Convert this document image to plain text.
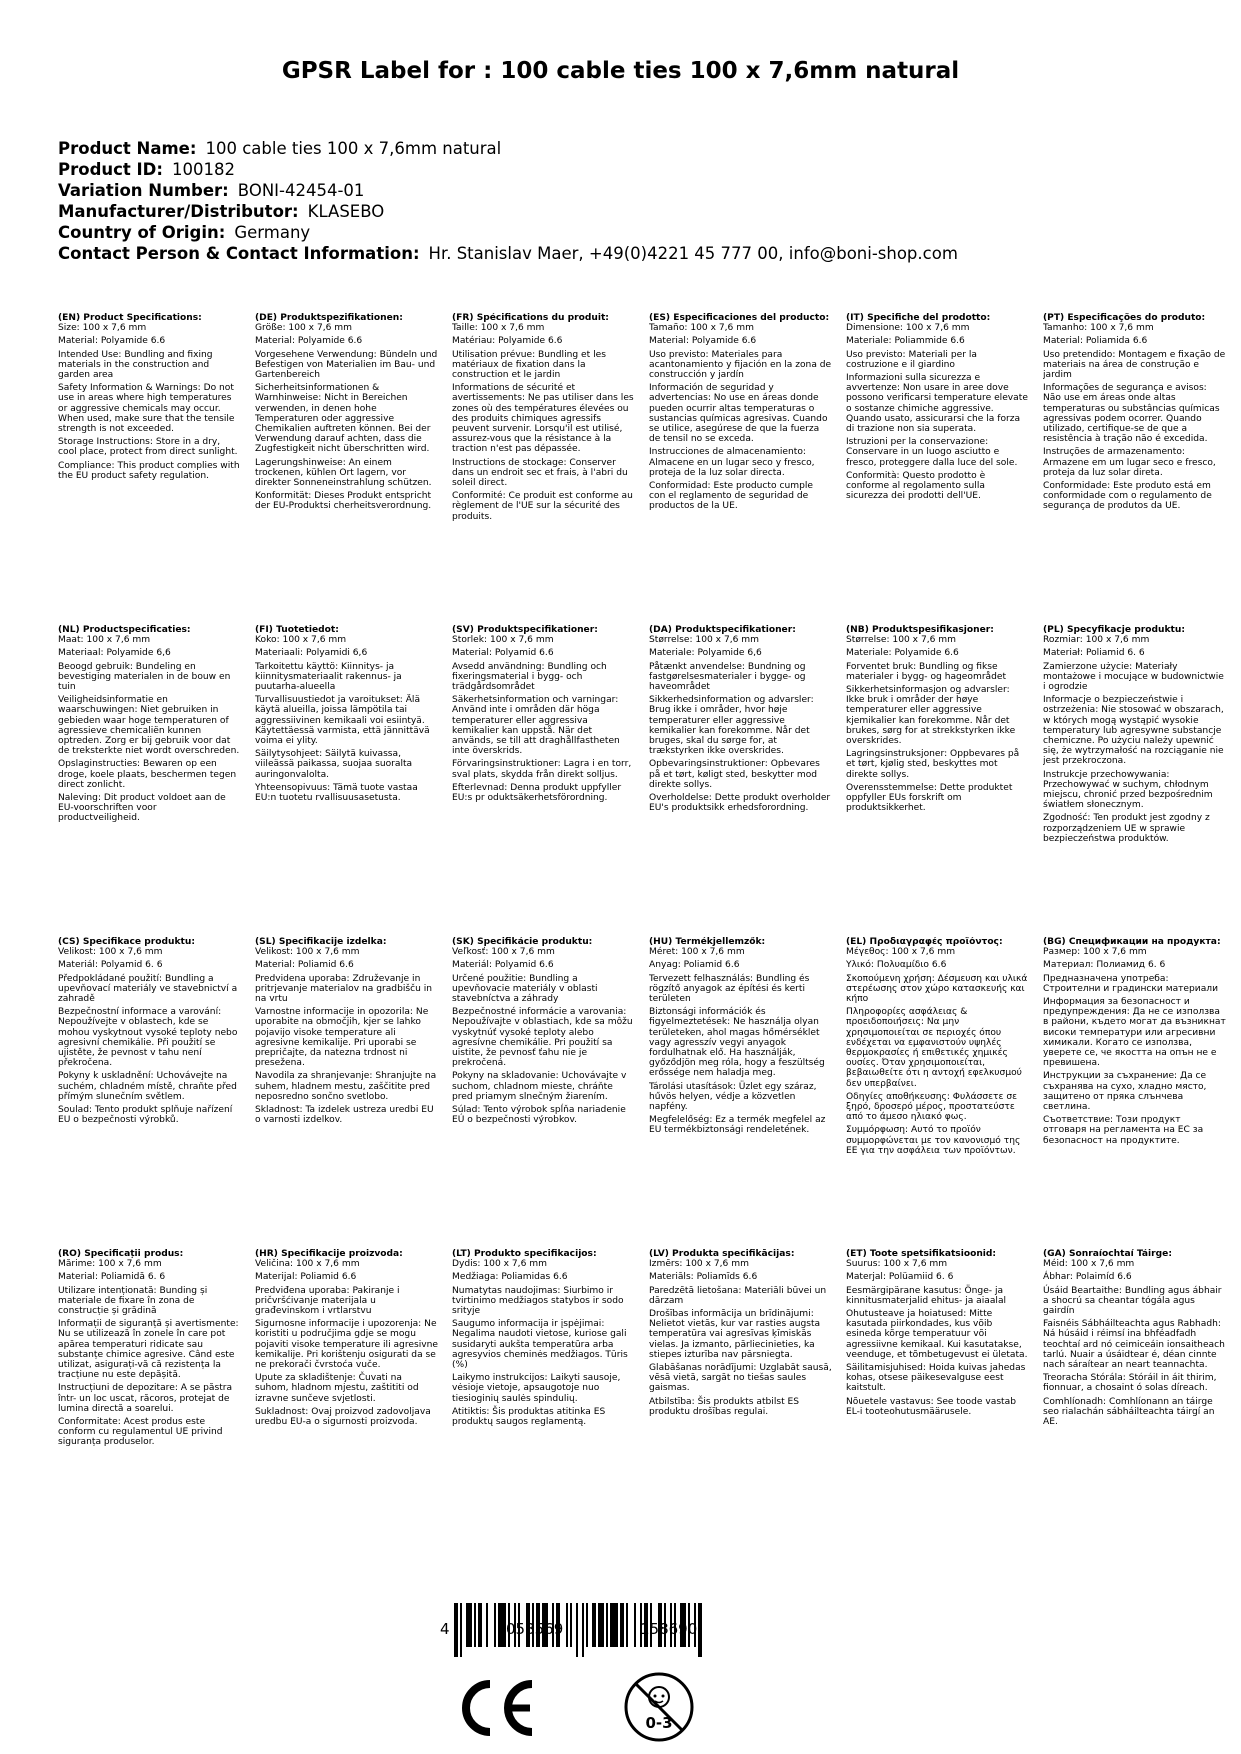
GPSR Label for : 100 cable ties 100 x 7,6mm natural
Product Name: 100 cable ties 100 x 7,6mm natural
Product ID: 100182
Variation Number: BONI-42454-01
Manufacturer/Distributor: KLASEBO
Country of Origin: Germany
Contact Person & Contact Information: Hr. Stanislav Maer, +49(0)4221 45 777 00, info@boni-shop.com
(EN) Product Specifications:
Size: 100 x 7,6 mm
Material: Polyamide 6.6
Intended Use: Bundling and fixing materials in the construction and garden area
Safety Information & Warnings: Do not use in areas where high temperatures or aggressive chemicals may occur. When used, make sure that the tensile strength is not exceeded.
Storage Instructions: Store in a dry, cool place, protect from direct sunlight.
Compliance: This product complies with the EU product safety regulation.
(DE) Produktspezifikationen:
Größe: 100 x 7,6 mm
Material: Polyamide 6.6
Vorgesehene Verwendung: Bündeln und Befestigen von Materialien im Bau- und Gartenbereich
Sicherheitsinformationen & Warnhinweise: Nicht in Bereichen verwenden, in denen hohe Temperaturen oder aggressive Chemikalien auftreten können. Bei der Verwendung darauf achten, dass die Zugfestigkeit nicht überschritten wird.
Lagerungshinweise: An einem trockenen, kühlen Ort lagern, vor direkter Sonneneinstrahlung schützen.
Konformität: Dieses Produkt entspricht der EU-Produktsi cherheitsverordnung.
(FR) Spécifications du produit:
Taille: 100 x 7,6 mm
Matériau: Polyamide 6.6
Utilisation prévue: Bundling et les matériaux de fixation dans la construction et le jardin
Informations de sécurité et avertissements: Ne pas utiliser dans les zones où des températures élevées ou des produits chimiques agressifs peuvent survenir. Lorsqu'il est utilisé, assurez-vous que la résistance à la traction n'est pas dépassée.
Instructions de stockage: Conserver dans un endroit sec et frais, à l'abri du soleil direct.
Conformité: Ce produit est conforme au règlement de l'UE sur la sécurité des produits.
(ES) Especificaciones del producto:
Tamaño: 100 x 7,6 mm
Material: Polyamide 6.6
Uso previsto: Materiales para acantonamiento y fijación en la zona de construcción y jardín
Información de seguridad y advertencias: No use en áreas donde pueden ocurrir altas temperaturas o sustancias químicas agresivas. Cuando se utilice, asegúrese de que la fuerza de tensil no se exceda.
Instrucciones de almacenamiento: Almacene en un lugar seco y fresco, proteja de la luz solar directa.
Conformidad: Este producto cumple con el reglamento de seguridad de productos de la UE.
(IT) Specifiche del prodotto:
Dimensione: 100 x 7,6 mm
Materiale: Poliammide 6.6
Uso previsto: Materiali per la costruzione e il giardino
Informazioni sulla sicurezza e avvertenze: Non usare in aree dove possono verificarsi temperature elevate o sostanze chimiche aggressive. Quando usato, assicurarsi che la forza di trazione non sia superata.
Istruzioni per la conservazione: Conservare in un luogo asciutto e fresco, proteggere dalla luce del sole.
Conformità: Questo prodotto è conforme al regolamento sulla sicurezza dei prodotti dell'UE.
(PT) Especificações do produto:
Tamanho: 100 x 7,6 mm
Material: Poliamida 6.6
Uso pretendido: Montagem e fixação de materiais na área de construção e jardim
Informações de segurança e avisos: Não use em áreas onde altas temperaturas ou substâncias químicas agressivas podem ocorrer. Quando utilizado, certifique-se de que a resistência à tração não é excedida.
Instruções de armazenamento: Armazene em um lugar seco e fresco, proteja da luz solar direta.
Conformidade: Este produto está em conformidade com o regulamento de segurança de produtos da UE.
(NL) Productspecificaties:
Maat: 100 x 7,6 mm
Materiaal: Polyamide 6,6
Beoogd gebruik: Bundeling en bevestiging materialen in de bouw en tuin
Veiligheidsinformatie en waarschuwingen: Niet gebruiken in gebieden waar hoge temperaturen of agressieve chemicaliën kunnen optreden. Zorg er bij gebruik voor dat de treksterkte niet wordt overschreden.
Opslaginstructies: Bewaren op een droge, koele plaats, beschermen tegen direct zonlicht.
Naleving: Dit product voldoet aan de EU-voorschriften voor productveiligheid.
(FI) Tuotetiedot:
Koko: 100 x 7,6 mm
Materiaali: Polyamidi 6,6
Tarkoitettu käyttö: Kiinnitys- ja kiinnitysmateriaalit rakennus- ja puutarha-alueella
Turvallisuustiedot ja varoitukset: Älä käytä alueilla, joissa lämpötila tai aggressiivinen kemikaali voi esiintyä. Käytettäessä varmista, että jännittävä voima ei ylity.
Säilytysohjeet: Säilytä kuivassa, viileässä paikassa, suojaa suoralta auringonvalolta.
Yhteensopivuus: Tämä tuote vastaa EU:n tuotetu rvallisuusasetusta.
(SV) Produktspecifikationer:
Storlek: 100 x 7,6 mm
Material: Polyamid 6.6
Avsedd användning: Bundling och fixeringsmaterial i bygg- och trädgårdsområdet
Säkerhetsinformation och varningar: Använd inte i områden där höga temperaturer eller aggressiva kemikalier kan uppstå. När det används, se till att draghållfastheten inte överskrids.
Förvaringsinstruktioner: Lagra i en torr, sval plats, skydda från direkt solljus.
Efterlevnad: Denna produkt uppfyller EU:s pr oduktsäkerhetsförordning.
(DA) Produktspecifikationer:
Størrelse: 100 x 7,6 mm
Materiale: Polyamide 6,6
Påtænkt anvendelse: Bundning og fastgørelsesmaterialer i bygge- og haveområdet
Sikkerhedsinformation og advarsler: Brug ikke i områder, hvor høje temperaturer eller aggressive kemikalier kan forekomme. Når det bruges, skal du sørge for, at trækstyrken ikke overskrides.
Opbevaringsinstruktioner: Opbevares på et tørt, køligt sted, beskytter mod direkte sollys.
Overholdelse: Dette produkt overholder EU's produktsikk erhedsforordning.
(NB) Produktspesifikasjoner:
Størrelse: 100 x 7,6 mm
Materiale: Polyamide 6.6
Forventet bruk: Bundling og fikse materialer i bygg- og hageområdet
Sikkerhetsinformasjon og advarsler: Ikke bruk i områder der høye temperaturer eller aggressive kjemikalier kan forekomme. Når det brukes, sørg for at strekkstyrken ikke overskrides.
Lagringsinstruksjoner: Oppbevares på et tørt, kjølig sted, beskyttes mot direkte sollys.
Overensstemmelse: Dette produktet oppfyller EUs forskrift om produktsikkerhet.
(PL) Specyfikacje produktu:
Rozmiar: 100 x 7,6 mm
Materiał: Poliamid 6. 6
Zamierzone użycie: Materiały montażowe i mocujące w budownictwie i ogrodzie
Informacje o bezpieczeństwie i ostrzeżenia: Nie stosować w obszarach, w których mogą wystąpić wysokie temperatury lub agresywne substancje chemiczne. Po użyciu należy upewnić się, że wytrzymałość na rozciąganie nie jest przekroczona.
Instrukcje przechowywania: Przechowywać w suchym, chłodnym miejscu, chronić przed bezpośrednim światłem słonecznym.
Zgodność: Ten produkt jest zgodny z rozporządzeniem UE w sprawie bezpieczeństwa produktów.
(CS) Specifikace produktu:
Velikost: 100 x 7,6 mm
Materiál: Polyamid 6. 6
Předpokládané použití: Bundling a upevňovací materiály ve stavebnictví a zahradě
Bezpečnostní informace a varování: Nepoužívejte v oblastech, kde se mohou vyskytnout vysoké teploty nebo agresivní chemikálie. Při použití se ujistěte, že pevnost v tahu není překročena.
Pokyny k uskladnění: Uchovávejte na suchém, chladném místě, chraňte před přímým slunečním světlem.
Soulad: Tento produkt splňuje nařízení EU o bezpečnosti výrobků.
(SL) Specifikacije izdelka:
Velikost: 100 x 7,6 mm
Material: Poliamid 6.6
Predvidena uporaba: Združevanje in pritrjevanje materialov na gradbišču in na vrtu
Varnostne informacije in opozorila: Ne uporabite na območjih, kjer se lahko pojavijo visoke temperature ali agresivne kemikalije. Pri uporabi se prepričajte, da natezna trdnost ni presežena.
Navodila za shranjevanje: Shranjujte na suhem, hladnem mestu, zaščitite pred neposredno sončno svetlobo.
Skladnost: Ta izdelek ustreza uredbi EU o varnosti izdelkov.
(SK) Špecifikácie produktu:
Veľkosť: 100 x 7,6 mm
Materiál: Polyamid 6.6
Určené použitie: Bundling a upevňovacie materiály v oblasti stavebníctva a záhrady
Bezpečnostné informácie a varovania: Nepoužívajte v oblastiach, kde sa môžu vyskytnúť vysoké teploty alebo agresívne chemikálie. Pri použití sa uistite, že pevnosť ťahu nie je prekročená.
Pokyny na skladovanie: Uchovávajte v suchom, chladnom mieste, chráňte pred priamym slnečným žiarením.
Súlad: Tento výrobok spĺňa nariadenie EÚ o bezpečnosti výrobkov.
(HU) Termékjellemzők:
Méret: 100 x 7,6 mm
Anyag: Poliamid 6.6
Tervezett felhasználás: Bundling és rögzítő anyagok az építési és kerti területen
Biztonsági információk és figyelmeztetések: Ne használja olyan területeken, ahol magas hőmérséklet vagy agresszív vegyi anyagok fordulhatnak elő. Ha használják, győződjön meg róla, hogy a feszültség erőssége nem haladja meg.
Tárolási utasítások: Üzlet egy száraz, hűvös helyen, védje a közvetlen napfény.
Megfelelőség: Ez a termék megfelel az EU termékbiztonsági rendeletének.
(EL) Προδιαγραφές προϊόντος:
Μέγεθος: 100 x 7,6 mm
Υλικό: Πολυαμίδιο 6.6
Σκοπούμενη χρήση: Δέσμευση και υλικά στερέωσης στον χώρο κατασκευής και κήπο
Πληροφορίες ασφάλειας & προειδοποιήσεις: Να μην χρησιμοποιείται σε περιοχές όπου ενδέχεται να εμφανιστούν υψηλές θερμοκρασίες ή επιθετικές χημικές ουσίες. Όταν χρησιμοποιείται, βεβαιωθείτε ότι η αντοχή εφελκυσμού δεν υπερβαίνει.
Οδηγίες αποθήκευσης: Φυλάσσετε σε ξηρό, δροσερό μέρος, προστατεύστε από το άμεσο ηλιακό φως.
Συμμόρφωση: Αυτό το προϊόν συμμορφώνεται με τον κανονισμό της ΕΕ για την ασφάλεια των προϊόντων.
(BG) Спецификации на продукта:
Размер: 100 x 7,6 mm
Материал: Полиамид 6. 6
Предназначена употреба: Строителни и градински материали
Информация за безопасност и предупреждения: Да не се използва в райони, където могат да възникнат високи температури или агресивни химикали. Когато се използва, уверете се, че якостта на опън не е превишена.
Инструкции за съхранение: Да се съхранява на сухо, хладно място, защитено от пряка слънчева светлина.
Съответствие: Този продукт отговаря на регламента на ЕС за безопасност на продуктите.
(RO) Specificații produs:
Mărime: 100 x 7,6 mm
Material: Poliamidă 6. 6
Utilizare intenționată: Bunding și materiale de fixare în zona de construcție și grădină
Informații de siguranță și avertismente: Nu se utilizează în zonele în care pot apărea temperaturi ridicate sau substanțe chimice agresive. Când este utilizat, asigurați-vă că rezistența la tracțiune nu este depășită.
Instrucțiuni de depozitare: A se păstra într- un loc uscat, răcoros, protejat de lumina directă a soarelui.
Conformitate: Acest produs este conform cu regulamentul UE privind siguranța produselor.
(HR) Specifikacije proizvoda:
Veličina: 100 x 7,6 mm
Materijal: Poliamid 6.6
Predviđena uporaba: Pakiranje i pričvršćivanje materijala u građevinskom i vrtlarstvu
Sigurnosne informacije i upozorenja: Ne koristiti u područjima gdje se mogu pojaviti visoke temperature ili agresivne kemikalije. Pri korištenju osigurati da se ne prekorači čvrstoća vuče.
Upute za skladištenje: Čuvati na suhom, hladnom mjestu, zaštititi od izravne sunčeve svjetlosti.
Sukladnost: Ovaj proizvod zadovoljava uredbu EU-a o sigurnosti proizvoda.
(LT) Produkto specifikacijos:
Dydis: 100 x 7,6 mm
Medžiaga: Poliamidas 6.6
Numatytas naudojimas: Siurbimo ir tvirtinimo medžiagos statybos ir sodo srityje
Saugumo informacija ir įspėjimai: Negalima naudoti vietose, kuriose gali susidaryti aukšta temperatūra arba agresyvios cheminės medžiagos. Tūris (%)
Laikymo instrukcijos: Laikyti sausoje, vėsioje vietoje, apsaugotoje nuo tiesioginių saulės spindulių.
Atitiktis: Šis produktas atitinka ES produktų saugos reglamentą.
(LV) Produkta specifikācijas:
Izmērs: 100 x 7,6 mm
Materiāls: Poliamīds 6.6
Paredzētā lietošana: Materiāli būvei un dārzam
Drošības informācija un brīdinājumi: Nelietot vietās, kur var rasties augsta temperatūra vai agresīvas ķīmiskās vielas. Ja izmanto, pārliecinieties, ka stiepes izturība nav pārsniegta.
Glabāšanas norādījumi: Uzglabāt sausā, vēsā vietā, sargāt no tiešas saules gaismas.
Atbilstība: Šis produkts atbilst ES produktu drošības regulai.
(ET) Toote spetsifikatsioonid:
Suurus: 100 x 7,6 mm
Materjal: Polüamiid 6. 6
Eesmärgipärane kasutus: Önge- ja kinnitusmaterjalid ehitus- ja aiaalal
Ohutusteave ja hoiatused: Mitte kasutada piirkondades, kus võib esineda kõrge temperatuur või agressiivne kemikaal. Kui kasutatakse, veenduge, et tõmbetugevust ei ületata.
Säilitamisjuhised: Hoida kuivas jahedas kohas, otsese päikesevalguse eest kaitstult.
Nõuetele vastavus: See toode vastab EL-i tooteohutusmäärusele.
(GA) Sonraíochtaí Táirge:
Méid: 100 x 7,6 mm
Ábhar: Polaimíd 6.6
Úsáid Beartaithe: Bundling agus ábhair a shocrú sa cheantar tógála agus gairdín
Faisnéis Sábháilteachta agus Rabhadh: Ná húsáid i réimsí ina bhféadfadh teochtaí ard nó ceimiceáin ionsaitheach tarlú. Nuair a úsáidtear é, déan cinnte nach sáraítear an neart teannachta.
Treoracha Stórála: Stóráil in áit thirim, fionnuar, a chosaint ó solas díreach.
Comhlíonadh: Comhlíonann an táirge seo rialachán sábháilteachta táirgí an AE.
4	058569	158690
0-3
